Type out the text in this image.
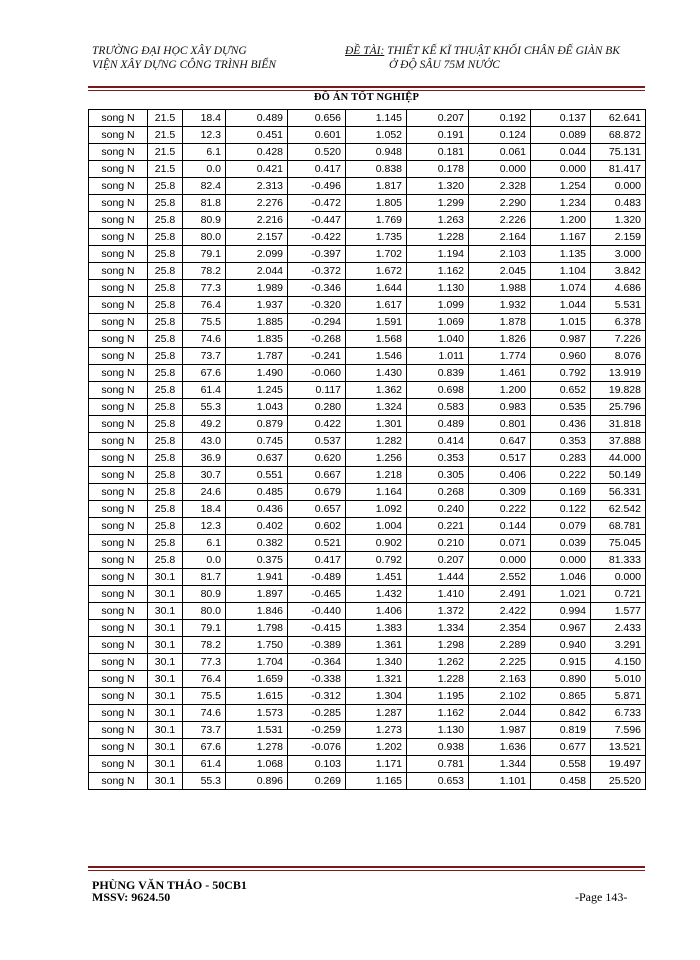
TRƯỜNG ĐẠI HỌC XÂY DỰNG
VIỆN XÂY DỰNG CÔNG TRÌNH BIỂN
ĐỀ TÀI: THIẾT KẾ KĨ THUẬT KHỐI CHÂN ĐẾ GIÀN BK
Ở ĐỘ SÂU 75M NƯỚC
ĐỒ ÁN TỐT NGHIỆP
song N	21.5	18.4	0.489	0.656	1.145	0.207	0.192	0.137	62.641
song N	21.5	12.3	0.451	0.601	1.052	0.191	0.124	0.089	68.872
song N	21.5	6.1	0.428	0.520	0.948	0.181	0.061	0.044	75.131
song N	21.5	0.0	0.421	0.417	0.838	0.178	0.000	0.000	81.417
song N	25.8	82.4	2.313	-0.496	1.817	1.320	2.328	1.254	0.000
song N	25.8	81.8	2.276	-0.472	1.805	1.299	2.290	1.234	0.483
song N	25.8	80.9	2.216	-0.447	1.769	1.263	2.226	1.200	1.320
song N	25.8	80.0	2.157	-0.422	1.735	1.228	2.164	1.167	2.159
song N	25.8	79.1	2.099	-0.397	1.702	1.194	2.103	1.135	3.000
song N	25.8	78.2	2.044	-0.372	1.672	1.162	2.045	1.104	3.842
song N	25.8	77.3	1.989	-0.346	1.644	1.130	1.988	1.074	4.686
song N	25.8	76.4	1.937	-0.320	1.617	1.099	1.932	1.044	5.531
song N	25.8	75.5	1.885	-0.294	1.591	1.069	1.878	1.015	6.378
song N	25.8	74.6	1.835	-0.268	1.568	1.040	1.826	0.987	7.226
song N	25.8	73.7	1.787	-0.241	1.546	1.011	1.774	0.960	8.076
song N	25.8	67.6	1.490	-0.060	1.430	0.839	1.461	0.792	13.919
song N	25.8	61.4	1.245	0.117	1.362	0.698	1.200	0.652	19.828
song N	25.8	55.3	1.043	0.280	1.324	0.583	0.983	0.535	25.796
song N	25.8	49.2	0.879	0.422	1.301	0.489	0.801	0.436	31.818
song N	25.8	43.0	0.745	0.537	1.282	0.414	0.647	0.353	37.888
song N	25.8	36.9	0.637	0.620	1.256	0.353	0.517	0.283	44.000
song N	25.8	30.7	0.551	0.667	1.218	0.305	0.406	0.222	50.149
song N	25.8	24.6	0.485	0.679	1.164	0.268	0.309	0.169	56.331
song N	25.8	18.4	0.436	0.657	1.092	0.240	0.222	0.122	62.542
song N	25.8	12.3	0.402	0.602	1.004	0.221	0.144	0.079	68.781
song N	25.8	6.1	0.382	0.521	0.902	0.210	0.071	0.039	75.045
song N	25.8	0.0	0.375	0.417	0.792	0.207	0.000	0.000	81.333
song N	30.1	81.7	1.941	-0.489	1.451	1.444	2.552	1.046	0.000
song N	30.1	80.9	1.897	-0.465	1.432	1.410	2.491	1.021	0.721
song N	30.1	80.0	1.846	-0.440	1.406	1.372	2.422	0.994	1.577
song N	30.1	79.1	1.798	-0.415	1.383	1.334	2.354	0.967	2.433
song N	30.1	78.2	1.750	-0.389	1.361	1.298	2.289	0.940	3.291
song N	30.1	77.3	1.704	-0.364	1.340	1.262	2.225	0.915	4.150
song N	30.1	76.4	1.659	-0.338	1.321	1.228	2.163	0.890	5.010
song N	30.1	75.5	1.615	-0.312	1.304	1.195	2.102	0.865	5.871
song N	30.1	74.6	1.573	-0.285	1.287	1.162	2.044	0.842	6.733
song N	30.1	73.7	1.531	-0.259	1.273	1.130	1.987	0.819	7.596
song N	30.1	67.6	1.278	-0.076	1.202	0.938	1.636	0.677	13.521
song N	30.1	61.4	1.068	0.103	1.171	0.781	1.344	0.558	19.497
song N	30.1	55.3	0.896	0.269	1.165	0.653	1.101	0.458	25.520
PHÙNG VĂN THẢO - 50CB1
MSSV: 9624.50	-Page 143-
